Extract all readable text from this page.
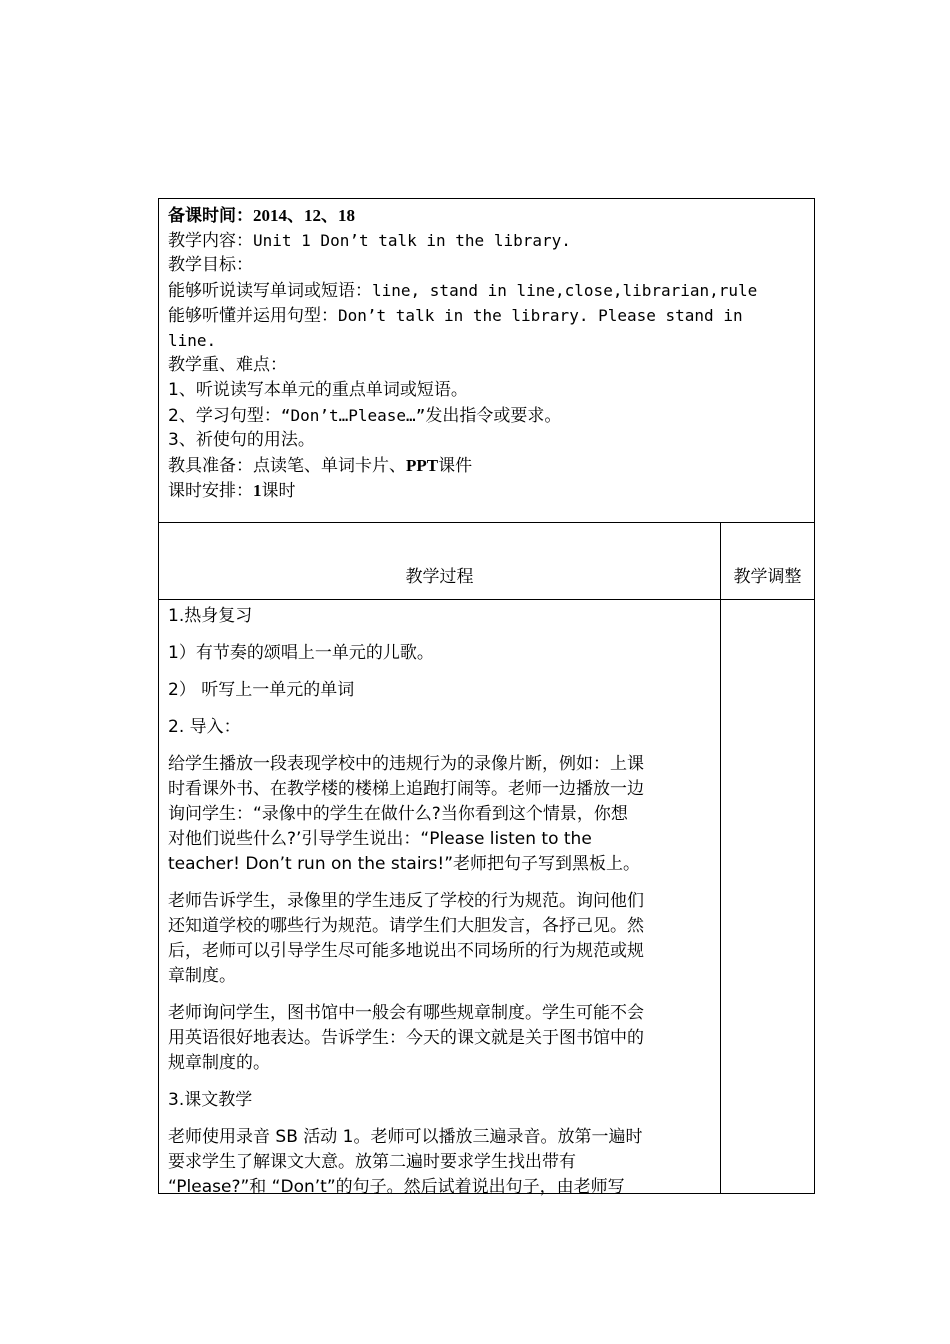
备课时间：2014、12、18
教学内容：Unit 1 Don’t talk in the library.
教学目标：
能够听说读写单词或短语：line, stand in line,close,librarian,rule
能够听懂并运用句型：Don’t talk in the library. Please stand in
line.
教学重、难点：
1、听说读写本单元的重点单词或短语。
2、学习句型：“Don’t…Please…”发出指令或要求。
3、祈使句的用法。
教具准备：点读笔、单词卡片、PPT课件
课时安排：1课时
教学过程	教学调整

1.热身复习

1）有节奏的颂唱上一单元的儿歌。

2） 听写上一单元的单词

2. 导入：

给学生播放一段表现学校中的违规行为的录像片断，例如：上课

时看课外书、在教学楼的楼梯上追跑打闹等。老师一边播放一边

询问学生：“录像中的学生在做什么?当你看到这个情景，你想

对他们说些什么?’引导学生说出：“Please listen to the

teacher! Don’t run on the stairs!”老师把句子写到黑板上。

老师告诉学生，录像里的学生违反了学校的行为规范。询问他们

还知道学校的哪些行为规范。请学生们大胆发言，各抒己见。然

后，老师可以引导学生尽可能多地说出不同场所的行为规范或规

章制度。

老师询问学生，图书馆中一般会有哪些规章制度。学生可能不会

用英语很好地表达。告诉学生：今天的课文就是关于图书馆中的

规章制度的。

3.课文教学

老师使用录音 SB 活动 1。老师可以播放三遍录音。放第一遍时

要求学生了解课文大意。放第二遍时要求学生找出带有

“Please?”和 “Don’t”的句子。然后试着说出句子，由老师写
